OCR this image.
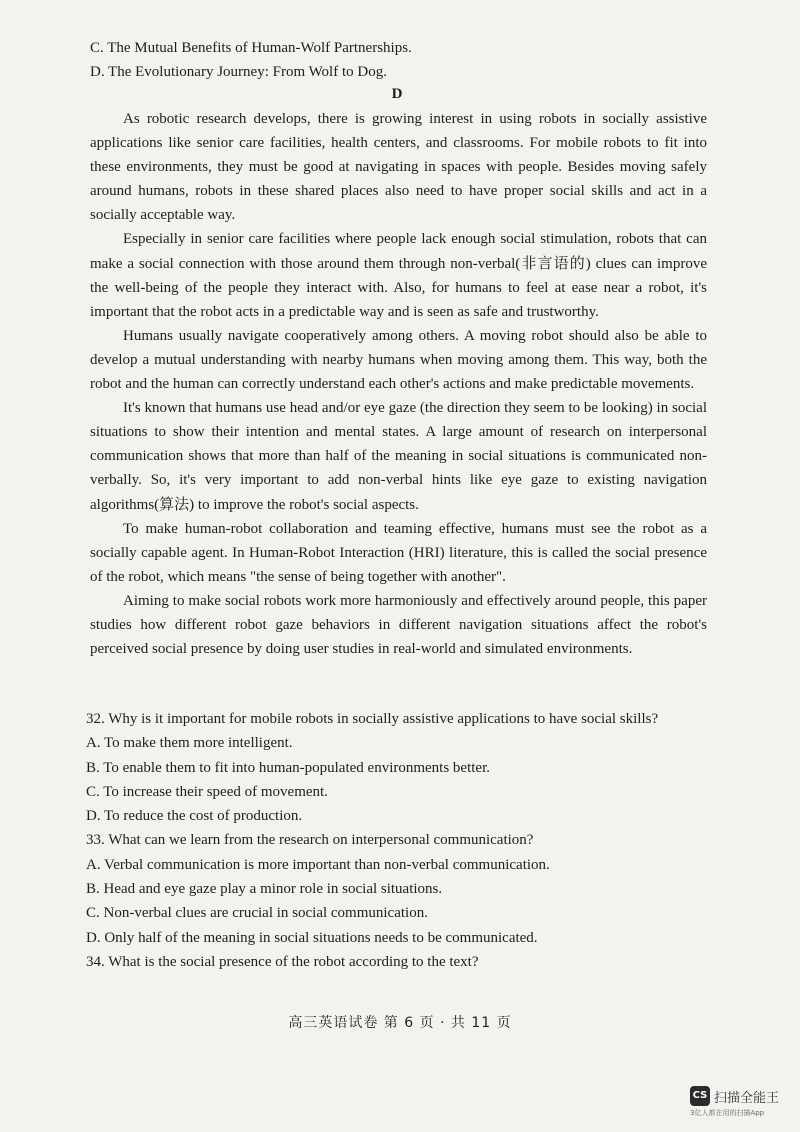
C. The Mutual Benefits of Human-Wolf Partnerships.
D. The Evolutionary Journey: From Wolf to Dog.
D

As robotic research develops, there is growing interest in using robots in socially assistive applications like senior care facilities, health centers, and classrooms. For mobile robots to fit into these environments, they must be good at navigating in spaces with people. Besides moving safely around humans, robots in these shared places also need to have proper social skills and act in a socially acceptable way.

Especially in senior care facilities where people lack enough social stimulation, robots that can make a social connection with those around them through non-verbal(非言语的) clues can improve the well-being of the people they interact with. Also, for humans to feel at ease near a robot, it's important that the robot acts in a predictable way and is seen as safe and trustworthy.

Humans usually navigate cooperatively among others. A moving robot should also be able to develop a mutual understanding with nearby humans when moving among them. This way, both the robot and the human can correctly understand each other's actions and make predictable movements.

It's known that humans use head and/or eye gaze (the direction they seem to be looking) in social situations to show their intention and mental states. A large amount of research on interpersonal communication shows that more than half of the meaning in social situations is communicated non-verbally. So, it's very important to add non-verbal hints like eye gaze to existing navigation algorithms(算法) to improve the robot's social aspects.

To make human-robot collaboration and teaming effective, humans must see the robot as a socially capable agent. In Human-Robot Interaction (HRI) literature, this is called the social presence of the robot, which means "the sense of being together with another".

Aiming to make social robots work more harmoniously and effectively around people, this paper studies how different robot gaze behaviors in different navigation situations affect the robot's perceived social presence by doing user studies in real-world and simulated environments.

32. Why is it important for mobile robots in socially assistive applications to have social skills?
A. To make them more intelligent.
B. To enable them to fit into human-populated environments better.
C. To increase their speed of movement.
D. To reduce the cost of production.
33. What can we learn from the research on interpersonal communication?
A. Verbal communication is more important than non-verbal communication.
B. Head and eye gaze play a minor role in social situations.
C. Non-verbal clues are crucial in social communication.
D. Only half of the meaning in social situations needs to be communicated.
34. What is the social presence of the robot according to the text?
高三英语试卷 第 6 页 · 共 11 页
CS 扫描全能王
3亿人都在用的扫描App
